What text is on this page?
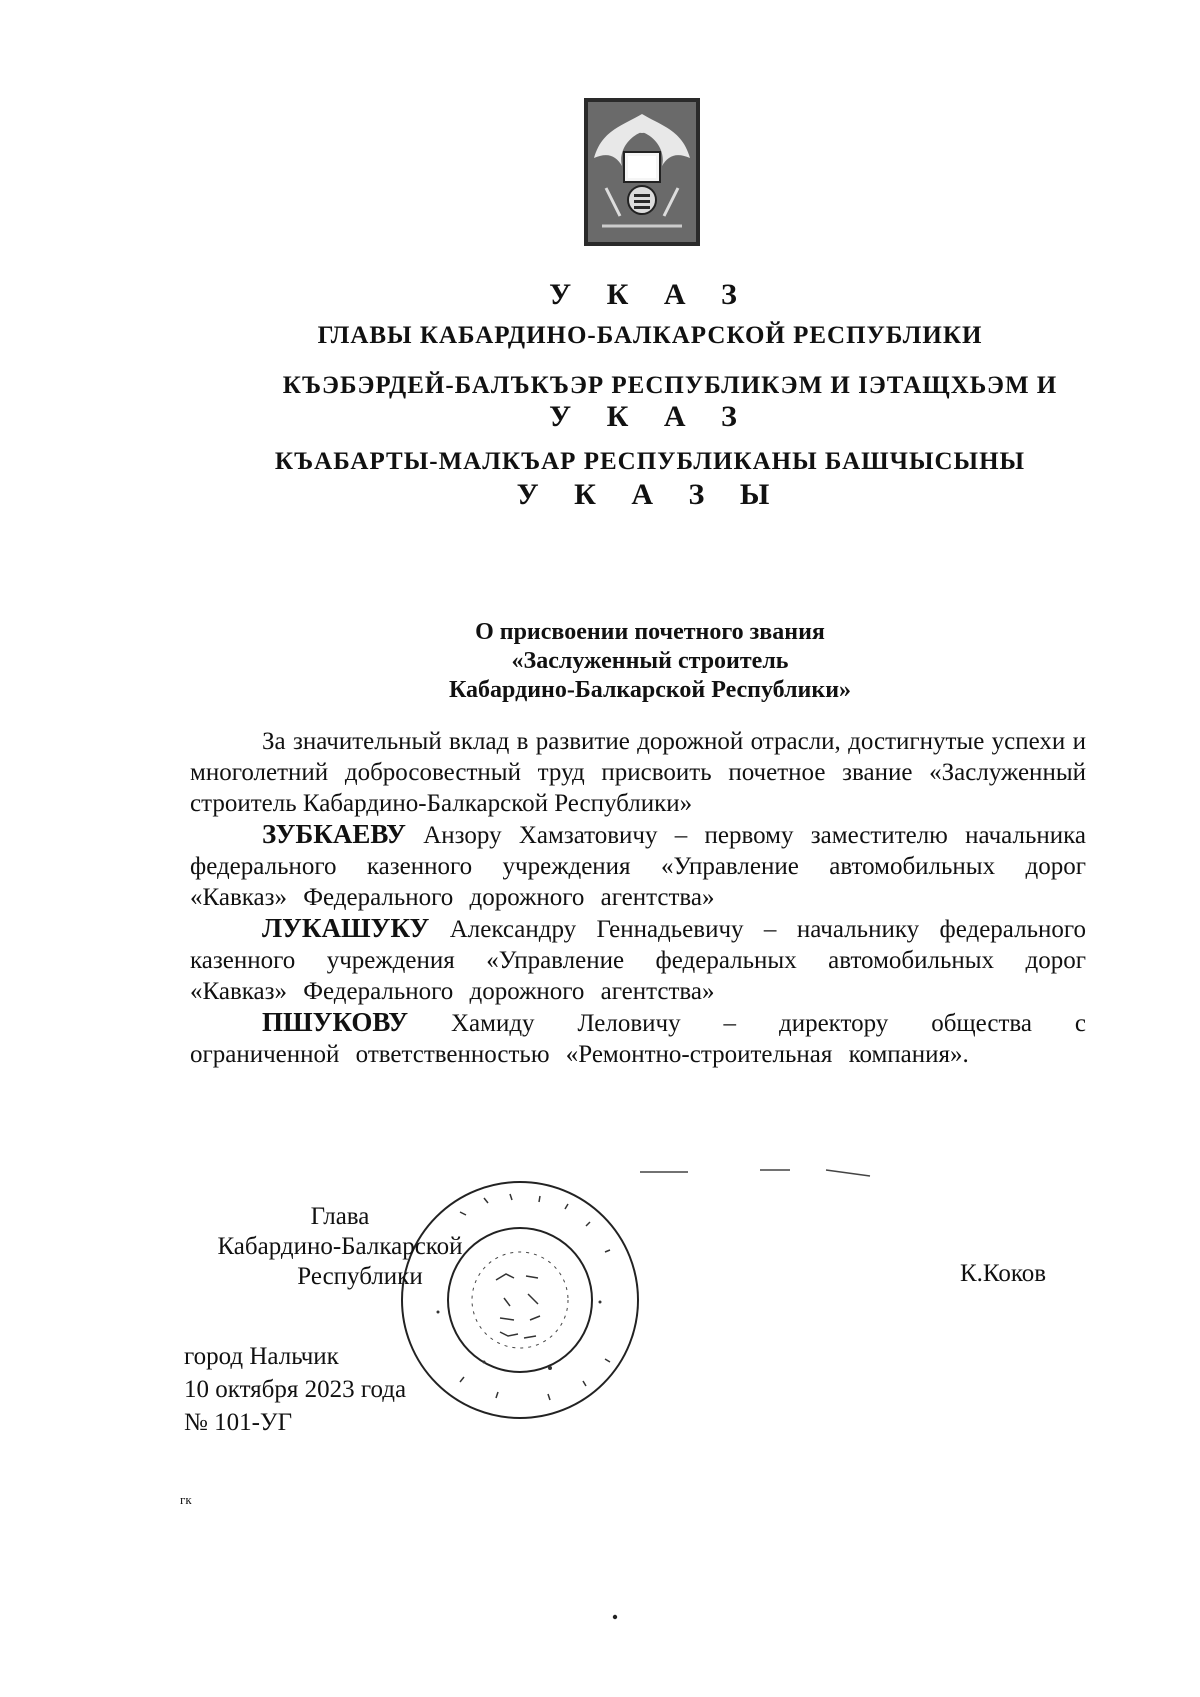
У К А З
ГЛАВЫ КАБАРДИНО-БАЛКАРСКОЙ РЕСПУБЛИКИ
КЪЭБЭРДЕЙ-БАЛЪКЪЭР РЕСПУБЛИКЭМ И ІЭТАЩХЬЭМ И
У К А З
КЪАБАРТЫ-МАЛКЪАР РЕСПУБЛИКАНЫ БАШЧЫСЫНЫ
У К А З Ы
О присвоении почетного звания
«Заслуженный строитель
Кабардино-Балкарской Республики»

За значительный вклад в развитие дорожной отрасли, достигнутые успехи и многолетний добросовестный труд присвоить почетное звание «Заслуженный строитель Кабардино-Балкарской Республики»

ЗУБКАЕВУ Анзору Хамзатовичу – первому заместителю начальника федерального казенного учреждения «Управление автомобильных дорог «Кавказ» Федерального дорожного агентства»

ЛУКАШУКУ Александру Геннадьевичу – начальнику федерального казенного учреждения «Управление федеральных автомобильных дорог «Кавказ» Федерального дорожного агентства»

ПШУКОВУ Хамиду Леловичу – директору общества с ограниченной ответственностью «Ремонтно-строительная компания».

Глава
Кабардино-Балкарской
Республики	К.Коков
город Нальчик
10 октября 2023 года
№ 101-УГ
гк
